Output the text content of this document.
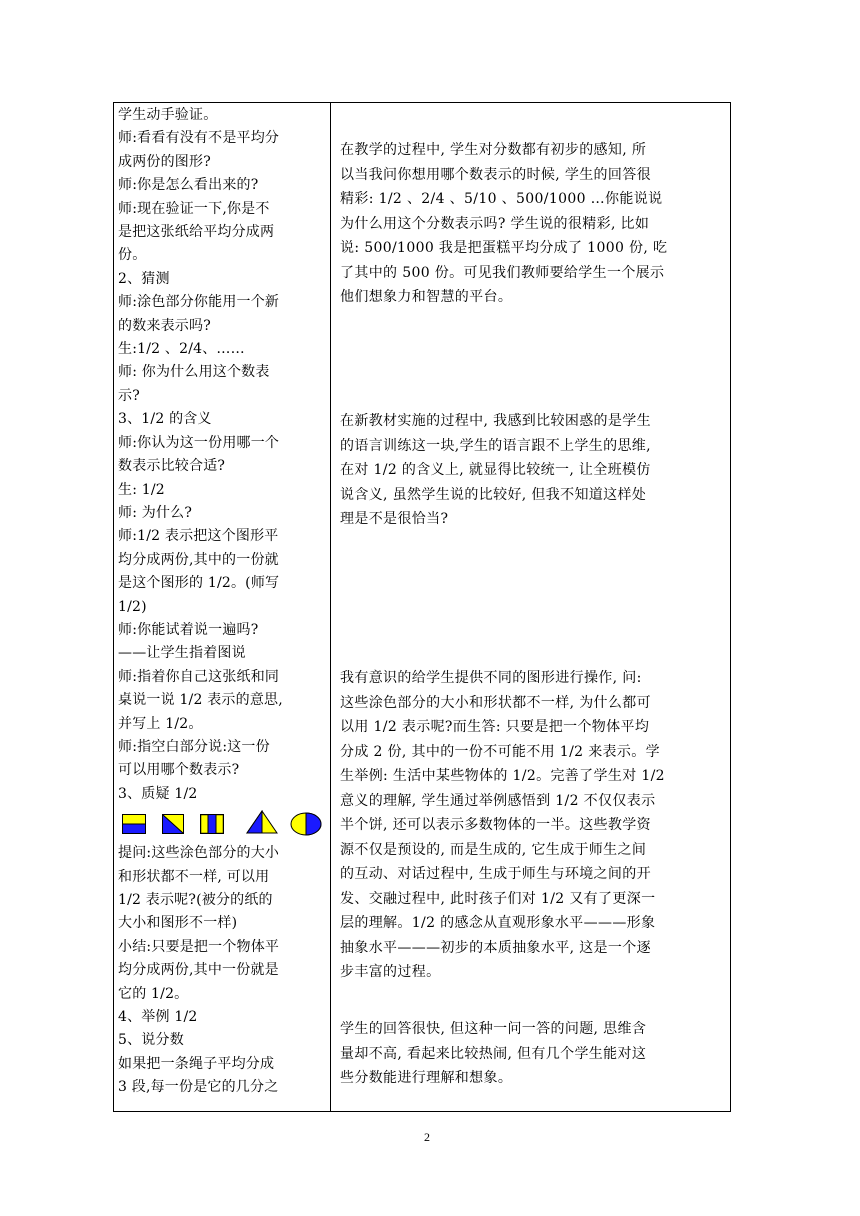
学生动手验证。
师:看看有没有不是平均分
成两份的图形?
师:你是怎么看出来的?
师:现在验证一下,你是不
是把这张纸给平均分成两
份。
2、猜测
师:涂色部分你能用一个新
的数来表示吗?
生:1/2 、2/4、……
师: 你为什么用这个数表
示?
3、1/2 的含义
师:你认为这一份用哪一个
数表示比较合适?
生: 1/2
师: 为什么?
师:1/2 表示把这个图形平
均分成两份,其中的一份就
是这个图形的 1/2。(师写
1/2)
师:你能试着说一遍吗?
——让学生指着图说
师:指着你自己这张纸和同
桌说一说 1/2 表示的意思,
并写上 1/2。
师:指空白部分说:这一份
可以用哪个数表示?
3、质疑 1/2
提问:这些涂色部分的大小
和形状都不一样, 可以用
1/2 表示呢?(被分的纸的
大小和图形不一样)
小结:只要是把一个物体平
均分成两份,其中一份就是
它的 1/2。
4、举例 1/2
5、说分数
如果把一条绳子平均分成
3 段,每一份是它的几分之
在教学的过程中, 学生对分数都有初步的感知, 所
以当我问你想用哪个数表示的时候, 学生的回答很
精彩: 1/2 、2/4 、5/10 、500/1000 …你能说说
为什么用这个分数表示吗? 学生说的很精彩, 比如
说: 500/1000 我是把蛋糕平均分成了 1000 份, 吃
了其中的 500 份。可见我们教师要给学生一个展示
他们想象力和智慧的平台。
在新教材实施的过程中, 我感到比较困惑的是学生
的语言训练这一块,学生的语言跟不上学生的思维,
在对 1/2 的含义上, 就显得比较统一, 让全班模仿
说含义, 虽然学生说的比较好, 但我不知道这样处
理是不是很恰当?
我有意识的给学生提供不同的图形进行操作, 问:
这些涂色部分的大小和形状都不一样, 为什么都可
以用 1/2 表示呢?而生答: 只要是把一个物体平均
分成 2 份, 其中的一份不可能不用 1/2 来表示。学
生举例: 生活中某些物体的 1/2。完善了学生对 1/2
意义的理解, 学生通过举例感悟到 1/2 不仅仅表示
半个饼, 还可以表示多数物体的一半。这些教学资
源不仅是预设的, 而是生成的, 它生成于师生之间
的互动、对话过程中, 生成于师生与环境之间的开
发、交融过程中, 此时孩子们对 1/2 又有了更深一
层的理解。1/2 的感念从直观形象水平———形象
抽象水平———初步的本质抽象水平, 这是一个逐
步丰富的过程。
学生的回答很快, 但这种一问一答的问题, 思维含
量却不高, 看起来比较热闹, 但有几个学生能对这
些分数能进行理解和想象。
2
